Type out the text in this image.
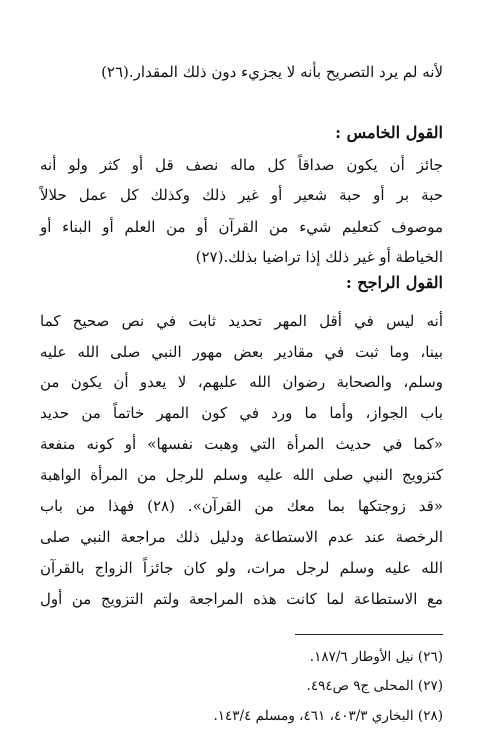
لأنه لم يرد التصريح بأنه لا يجزيء دون ذلك المقدار.(٢٦)
القول الخامس :
جائز أن يكون صداقاً كل ماله نصف قل أو كثر ولو أنه
حبة بر أو حبة شعير أو غير ذلك وكذلك كل عمل حلالاً
موصوف كتعليم شيء من القرآن أو من العلم أو البناء أو
الخياطة أو غير ذلك إذا تراضيا بذلك.(٢٧)
القول الراجح :
أنه ليس في أقل المهر تحديد ثابت في نص صحيح كما
بينا، وما ثبت في مقادير بعض مهور النبي صلى الله عليه
وسلم، والصحابة رضوان الله عليهم، لا يعدو أن يكون من
باب الجواز، وأما ما ورد في كون المهر خاتماً من حديد
«كما في حديث المرأة التي وهبت نفسها» أو كونه منفعة
كتزويج النبي صلى الله عليه وسلم للرجل من المرأة الواهبة
«قد زوجتكها بما معك من القرآن». (٢٨) فهذا من باب
الرخصة عند عدم الاستطاعة ودليل ذلك مراجعة النبي صلى
الله عليه وسلم لرجل مرات، ولو كان جائزاً الزواج بالقرآن
مع الاستطاعة لما كانت هذه المراجعة ولتم التزويج من أول
(٢٦) نيل الأوطار ١٨٧/٦.
(٢٧) المحلى ج٩ ص٤٩٤.
(٢٨) البخاري ٤٠٣/٣، ٤٦١، ومسلم ١٤٣/٤.
